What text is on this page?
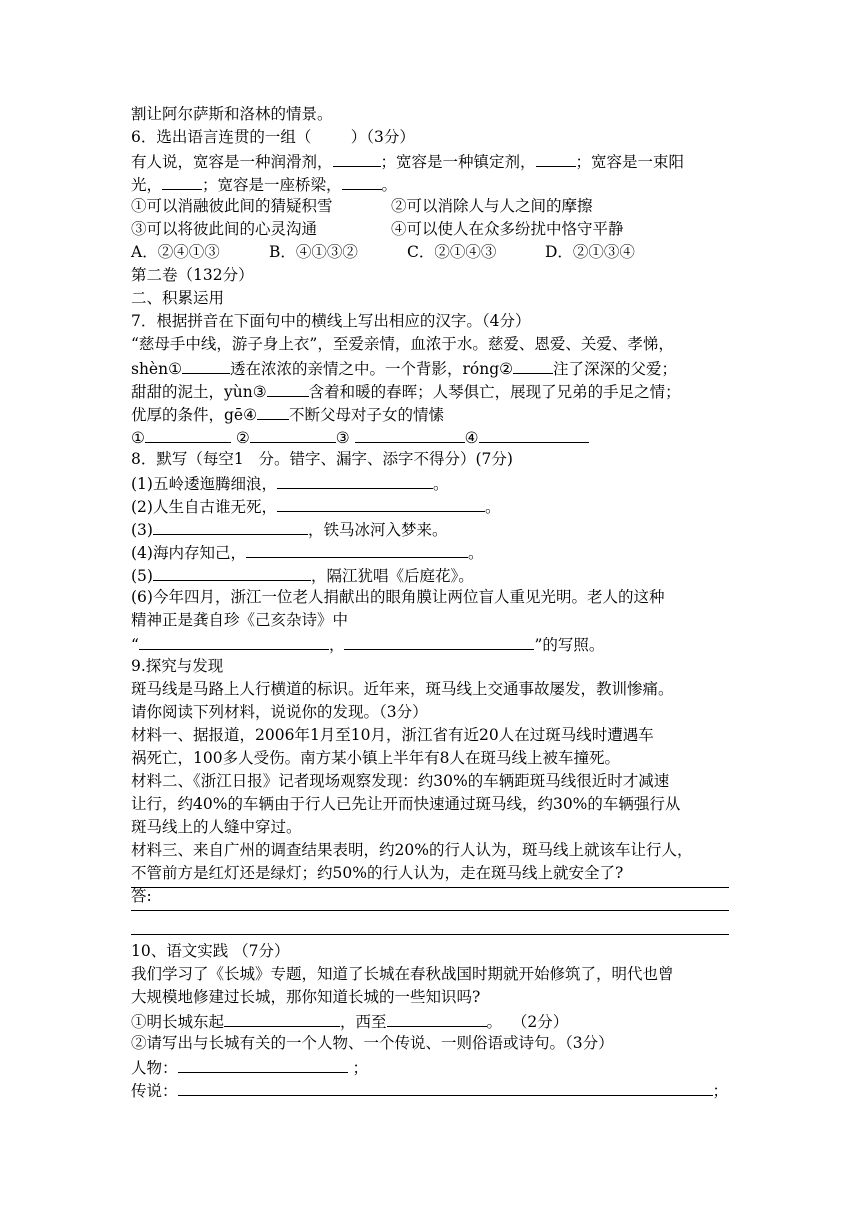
割让阿尔萨斯和洛林的情景。

6．选出语言连贯的一组（        ）（3分）

有人说，宽容是一种润滑剂，	；宽容是一种镇定剂，	；宽容是一束阳

光，	；宽容是一座桥梁，	。

①可以消融彼此间的猜疑积雪	②可以消除人与人之间的摩擦

③可以将彼此间的心灵沟通	④可以使人在众多纷扰中恪守平静

A．②④①③	B．④①③②	C．②①④③	D．②①③④

第二卷（132分）

二、积累运用

7．根据拼音在下面句中的横线上写出相应的汉字。（4分）

“慈母手中线，游子身上衣”，至爱亲情，血浓于水。慈爱、恩爱、关爱、孝悌，

shèn①	透在浓浓的亲情之中。一个背影，róng②	注了深深的父爱；

甜甜的泥土，yùn③	含着和暖的春晖；人琴俱亡，展现了兄弟的手足之情；

优厚的条件，gē④ 不断父母对子女的情愫

①	②	③	④

8．默写（每空1   分。错字、漏字、添字不得分）(7分)

(1)五岭逶迤腾细浪，	。

(2)人生自古谁无死，	。

(3)	，铁马冰河入梦来。

(4)海内存知己，	。

(5)	，隔江犹唱《后庭花》。

(6)今年四月，浙江一位老人捐献出的眼角膜让两位盲人重见光明。老人的这种

精神正是龚自珍《己亥杂诗》中

“	，	”的写照。

9.探究与发现

斑马线是马路上人行横道的标识。近年来，斑马线上交通事故屡发，教训惨痛。

请你阅读下列材料，说说你的发现。（3分）

材料一、据报道，2006年1月至10月，浙江省有近20人在过斑马线时遭遇车

祸死亡，100多人受伤。南方某小镇上半年有8人在斑马线上被车撞死。

材料二、《浙江日报》记者现场观察发现：约30%的车辆距斑马线很近时才减速

让行，约40%的车辆由于行人已先让开而快速通过斑马线，约30%的车辆强行从

斑马线上的人缝中穿过。

材料三、来自广州的调查结果表明，约20%的行人认为，斑马线上就该车让行人，

不管前方是红灯还是绿灯；约50%的行人认为，走在斑马线上就安全了?

答:

10、语文实践 （7分）

我们学习了《长城》专题，知道了长城在春秋战国时期就开始修筑了，明代也曾

大规模地修建过长城，那你知道长城的一些知识吗?

①明长城东起	，西至	。  （2分）

②请写出与长城有关的一个人物、一个传说、一则俗语或诗句。（3分）

人物：	；

传说：	；
